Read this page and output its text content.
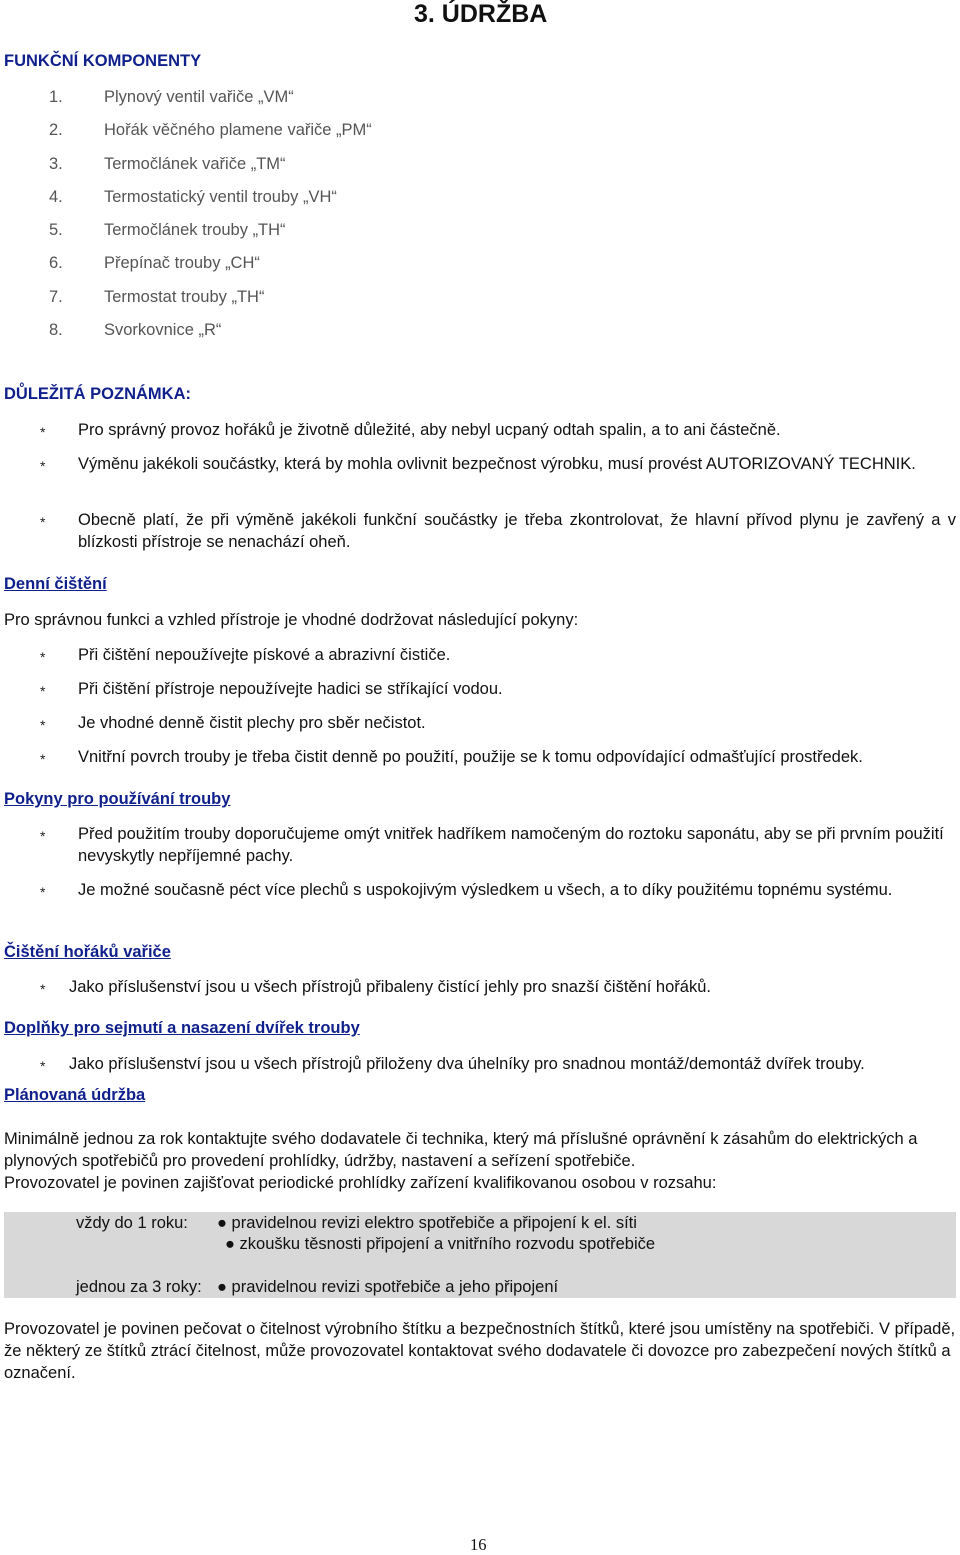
3. ÚDRŽBA
FUNKČNÍ KOMPONENTY
1.	Plynový ventil vařiče „VM“
2.	Hořák věčného plamene vařiče „PM“
3.	Termočlánek vařiče „TM“
4.	Termostatický ventil trouby „VH“
5.	Termočlánek trouby „TH“
6.	Přepínač trouby „CH“
7.	Termostat trouby „TH“
8.	Svorkovnice „R“
DŮLEŽITÁ POZNÁMKA:
* Pro správný provoz hořáků je životně důležité, aby nebyl ucpaný odtah spalin, a to ani částečně.
* Výměnu jakékoli součástky, která by mohla ovlivnit bezpečnost výrobku, musí provést AUTORIZOVANÝ TECHNIK.
* Obecně platí, že při výměně jakékoli funkční součástky je třeba zkontrolovat, že hlavní přívod plynu je zavřený a v blízkosti přístroje se nenachází oheň.
Denní čištění

Pro správnou funkci a vzhled přístroje je vhodné dodržovat následující pokyny:

* Při čištění nepoužívejte pískové a abrazivní čističe.
* Při čištění přístroje nepoužívejte hadici se stříkající vodou.
* Je vhodné denně čistit plechy pro sběr nečistot.
* Vnitřní povrch trouby je třeba čistit denně po použití, použije se k tomu odpovídající odmašťující prostředek.
Pokyny pro používání trouby
* Před použitím trouby doporučujeme omýt vnitřek hadříkem namočeným do roztoku saponátu, aby se při prvním použití nevyskytly nepříjemné pachy.
* Je možné současně péct více plechů s uspokojivým výsledkem u všech, a to díky použitému topnému systému.
Čištění hořáků vařiče
* Jako příslušenství jsou u všech přístrojů přibaleny čistící jehly pro snazší čištění hořáků.
Doplňky pro sejmutí a nasazení dvířek trouby
* Jako příslušenství jsou u všech přístrojů přiloženy dva úhelníky pro snadnou montáž/demontáž dvířek trouby.
Plánovaná údržba

Minimálně jednou za rok kontaktujte svého dodavatele či technika, který má příslušné oprávnění k zásahům do elektrických a plynových spotřebičů pro provedení prohlídky, údržby, nastavení a seřízení spotřebiče.

Provozovatel je povinen zajišťovat periodické prohlídky zařízení kvalifikovanou osobou v rozsahu:

vždy do 1 roku: ● pravidelnou revizi elektro spotřebiče a připojení k el. síti
● zkoušku těsnosti připojení a vnitřního rozvodu spotřebiče
jednou za 3 roky: ● pravidelnou revizi spotřebiče a jeho připojení

Provozovatel je povinen pečovat o čitelnost výrobního štítku a bezpečnostních štítků, které jsou umístěny na spotřebiči. V případě, že některý ze štítků ztrácí čitelnost, může provozovatel kontaktovat svého dodavatele či dovozce pro zabezpečení nových štítků a označení.

16
